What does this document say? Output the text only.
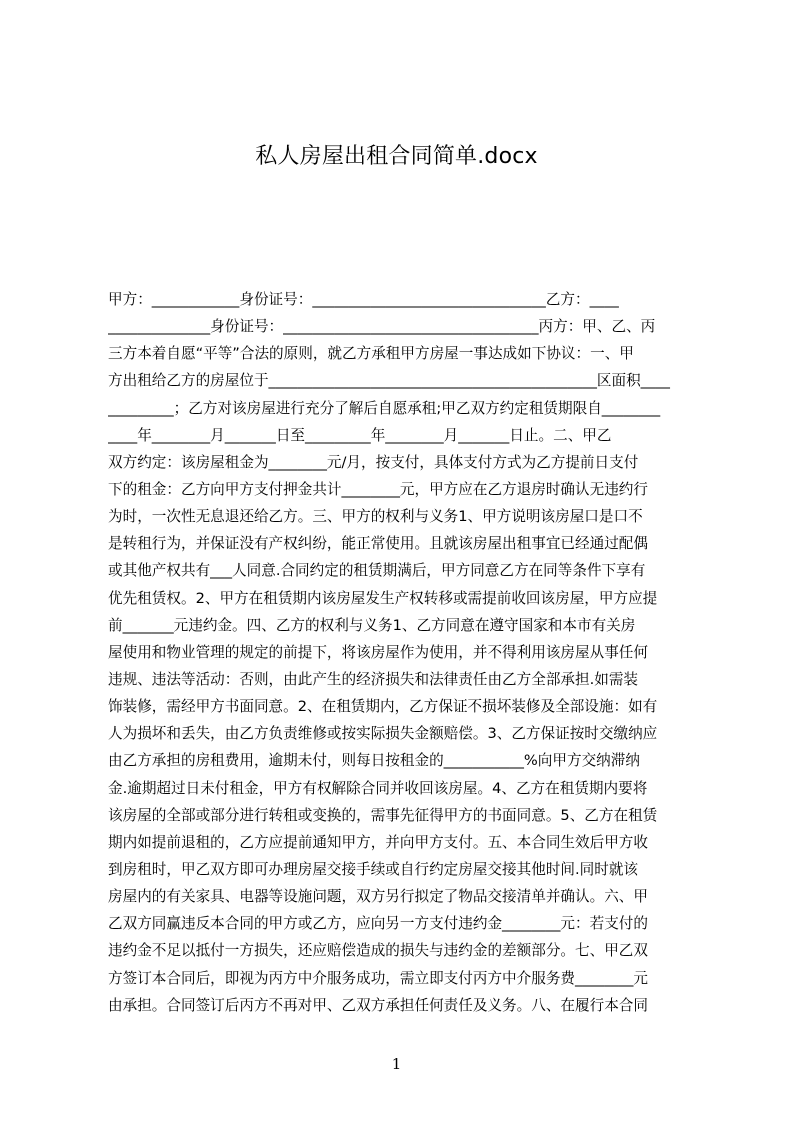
私人房屋出租合同简单.docx
甲方：____________身份证号：________________________________乙方：____
______________身份证号：___________________________________丙方：甲、乙、丙
三方本着自愿“平等”合法的原则，就乙方承租甲方房屋一事达成如下协议：一、甲
方出租给乙方的房屋位于_____________________________________________区面积____
_________；乙方对该房屋进行充分了解后自愿承租;甲乙双方约定租赁期限自________
____年________月_______日至_________年________月_______日止。二、甲乙
双方约定：该房屋租金为________元/月，按支付，具体支付方式为乙方提前日支付
下的租金：乙方向甲方支付押金共计________元，甲方应在乙方退房时确认无违约行
为时，一次性无息退还给乙方。三、甲方的权利与义务1、甲方说明该房屋口是口不
是转租行为，并保证没有产权纠纷，能正常使用。且就该房屋出租事宜已经通过配偶
或其他产权共有___人同意.合同约定的租赁期满后，甲方同意乙方在同等条件下享有
优先租赁权。2、甲方在租赁期内该房屋发生产权转移或需提前收回该房屋，甲方应提
前_______元违约金。四、乙方的权利与义务1、乙方同意在遵守国家和本市有关房
屋使用和物业管理的规定的前提下，将该房屋作为使用，并不得利用该房屋从事任何
违规、违法等活动：否则，由此产生的经济损失和法律责任由乙方全部承担.如需装
饰装修，需经甲方书面同意。2、在租赁期内，乙方保证不损坏装修及全部设施：如有
人为损坏和丢失，由乙方负责维修或按实际损失金额赔偿。3、乙方保证按时交缴纳应
由乙方承担的房租费用，逾期未付，则每日按租金的___________%向甲方交纳滞纳
金.逾期超过日未付租金，甲方有权解除合同并收回该房屋。4、乙方在租赁期内要将
该房屋的全部或部分进行转租或变换的，需事先征得甲方的书面同意。5、乙方在租赁
期内如提前退租的，乙方应提前通知甲方，并向甲方支付。五、本合同生效后甲方收
到房租时，甲乙双方即可办理房屋交接手续或自行约定房屋交接其他时间.同时就该
房屋内的有关家具、电器等设施问题，双方另行拟定了物品交接清单并确认。六、甲
乙双方同赢违反本合同的甲方或乙方，应向另一方支付违约金________元：若支付的
违约金不足以抵付一方损失，还应赔偿造成的损失与违约金的差额部分。七、甲乙双
方签订本合同后，即视为丙方中介服务成功，需立即支付丙方中介服务费________元
由承担。合同签订后丙方不再对甲、乙双方承担任何责任及义务。八、在履行本合同
1
